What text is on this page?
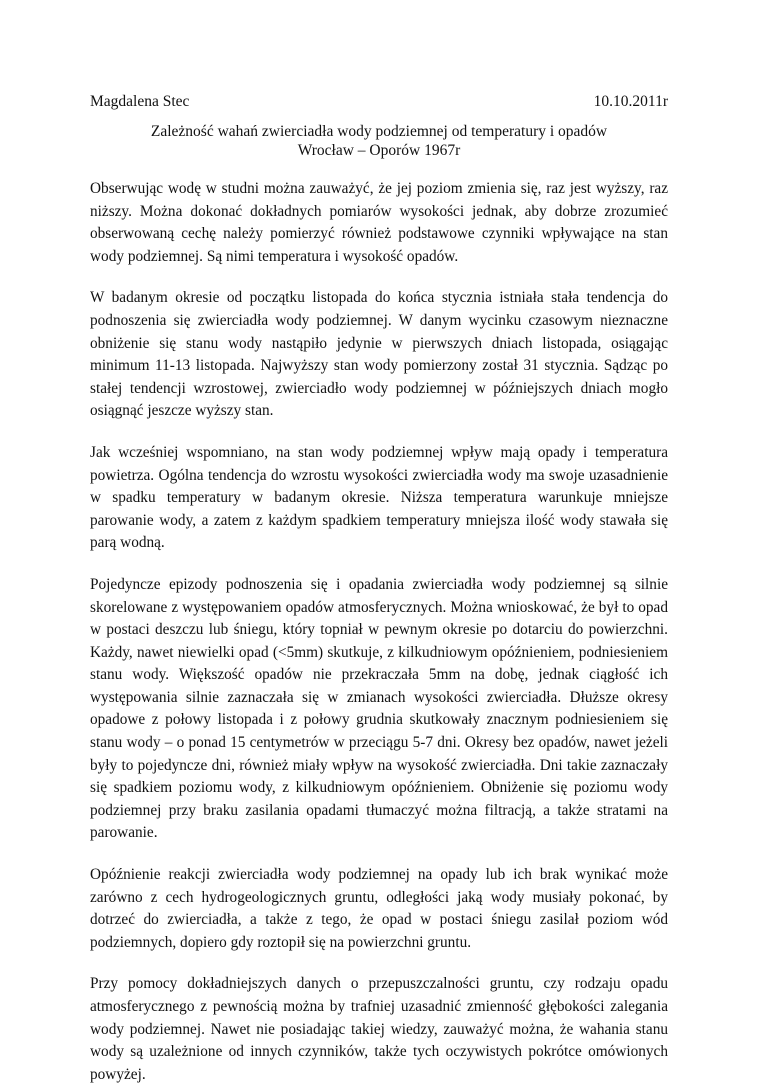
Magdalena Stec	10.10.2011r
Zależność wahań zwierciadła wody podziemnej od temperatury i opadów
Wrocław – Oporów 1967r

Obserwując wodę w studni można zauważyć, że jej poziom zmienia się, raz jest wyższy, raz niższy. Można dokonać dokładnych pomiarów wysokości jednak, aby dobrze zrozumieć obserwowaną cechę należy pomierzyć również podstawowe czynniki wpływające na stan wody podziemnej. Są nimi temperatura i wysokość opadów.

W badanym okresie od początku listopada do końca stycznia istniała stała tendencja do podnoszenia się zwierciadła wody podziemnej. W danym wycinku czasowym nieznaczne obniżenie się stanu wody nastąpiło jedynie w pierwszych dniach listopada, osiągając minimum 11-13 listopada. Najwyższy stan wody pomierzony został 31 stycznia. Sądząc po stałej tendencji wzrostowej, zwierciadło wody podziemnej w późniejszych dniach mogło osiągnąć jeszcze wyższy stan.

Jak wcześniej wspomniano, na stan wody podziemnej wpływ mają opady i temperatura powietrza. Ogólna tendencja do wzrostu wysokości zwierciadła wody ma swoje uzasadnienie w spadku temperatury w badanym okresie. Niższa temperatura warunkuje mniejsze parowanie wody, a zatem z każdym spadkiem temperatury mniejsza ilość wody stawała się parą wodną.

Pojedyncze epizody podnoszenia się i opadania zwierciadła wody podziemnej są silnie skorelowane z występowaniem opadów atmosferycznych. Można wnioskować, że był to opad w postaci deszczu lub śniegu, który topniał w pewnym okresie po dotarciu do powierzchni. Każdy, nawet niewielki opad (<5mm) skutkuje, z kilkudniowym opóźnieniem, podniesieniem stanu wody. Większość opadów nie przekraczała 5mm na dobę, jednak ciągłość ich występowania silnie zaznaczała się w zmianach wysokości zwierciadła. Dłuższe okresy opadowe z połowy listopada i z połowy grudnia skutkowały znacznym podniesieniem się stanu wody – o ponad 15 centymetrów w przeciągu 5-7 dni. Okresy bez opadów, nawet jeżeli były to pojedyncze dni, również miały wpływ na wysokość zwierciadła. Dni takie zaznaczały się spadkiem poziomu wody, z kilkudniowym opóźnieniem. Obniżenie się poziomu wody podziemnej przy braku zasilania opadami tłumaczyć można filtracją, a także stratami na parowanie.

Opóźnienie reakcji zwierciadła wody podziemnej na opady lub ich brak wynikać może zarówno z cech hydrogeologicznych gruntu, odległości jaką wody musiały pokonać, by dotrzeć do zwierciadła, a także z tego, że opad w postaci śniegu zasilał poziom wód podziemnych, dopiero gdy roztopił się na powierzchni gruntu.

Przy pomocy dokładniejszych danych o przepuszczalności gruntu, czy rodzaju opadu atmosferycznego z pewnością można by trafniej uzasadnić zmienność głębokości zalegania wody podziemnej. Nawet nie posiadając takiej wiedzy, zauważyć można, że wahania stanu wody są uzależnione od innych czynników, także tych oczywistych pokrótce omówionych powyżej.
